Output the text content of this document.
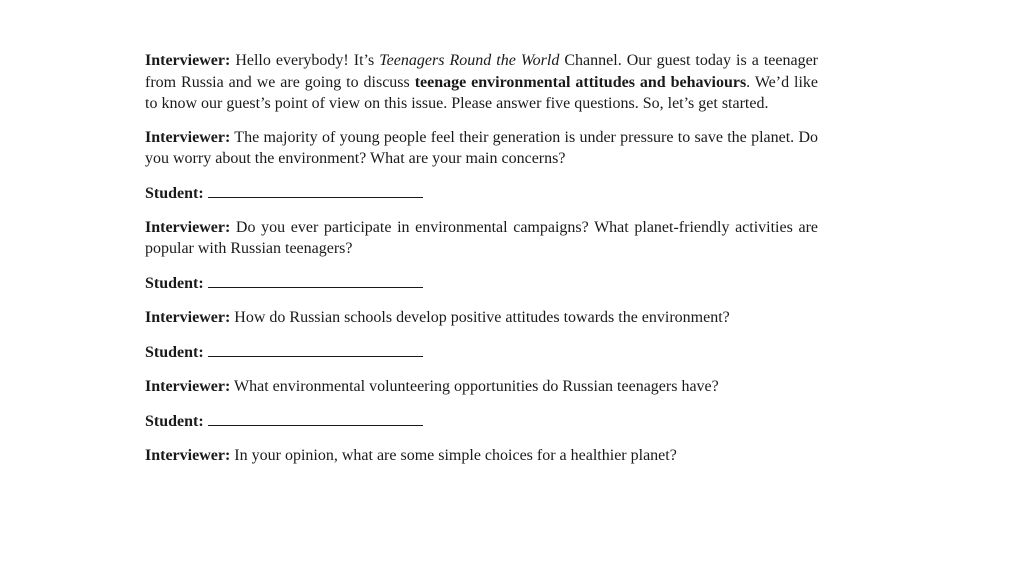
Interviewer: Hello everybody! It’s Teenagers Round the World Channel. Our guest today is a teenager from Russia and we are going to discuss teenage environmental attitudes and behaviours. We’d like to know our guest’s point of view on this issue. Please answer five questions. So, let’s get started.

Interviewer: The majority of young people feel their generation is under pressure to save the planet. Do you worry about the environment? What are your main concerns?

Student:

Interviewer: Do you ever participate in environmental campaigns? What planet-friendly activities are popular with Russian teenagers?

Student:

Interviewer: How do Russian schools develop positive attitudes towards the environment?

Student:

Interviewer: What environmental volunteering opportunities do Russian teenagers have?

Student:

Interviewer: In your opinion, what are some simple choices for a healthier planet?
